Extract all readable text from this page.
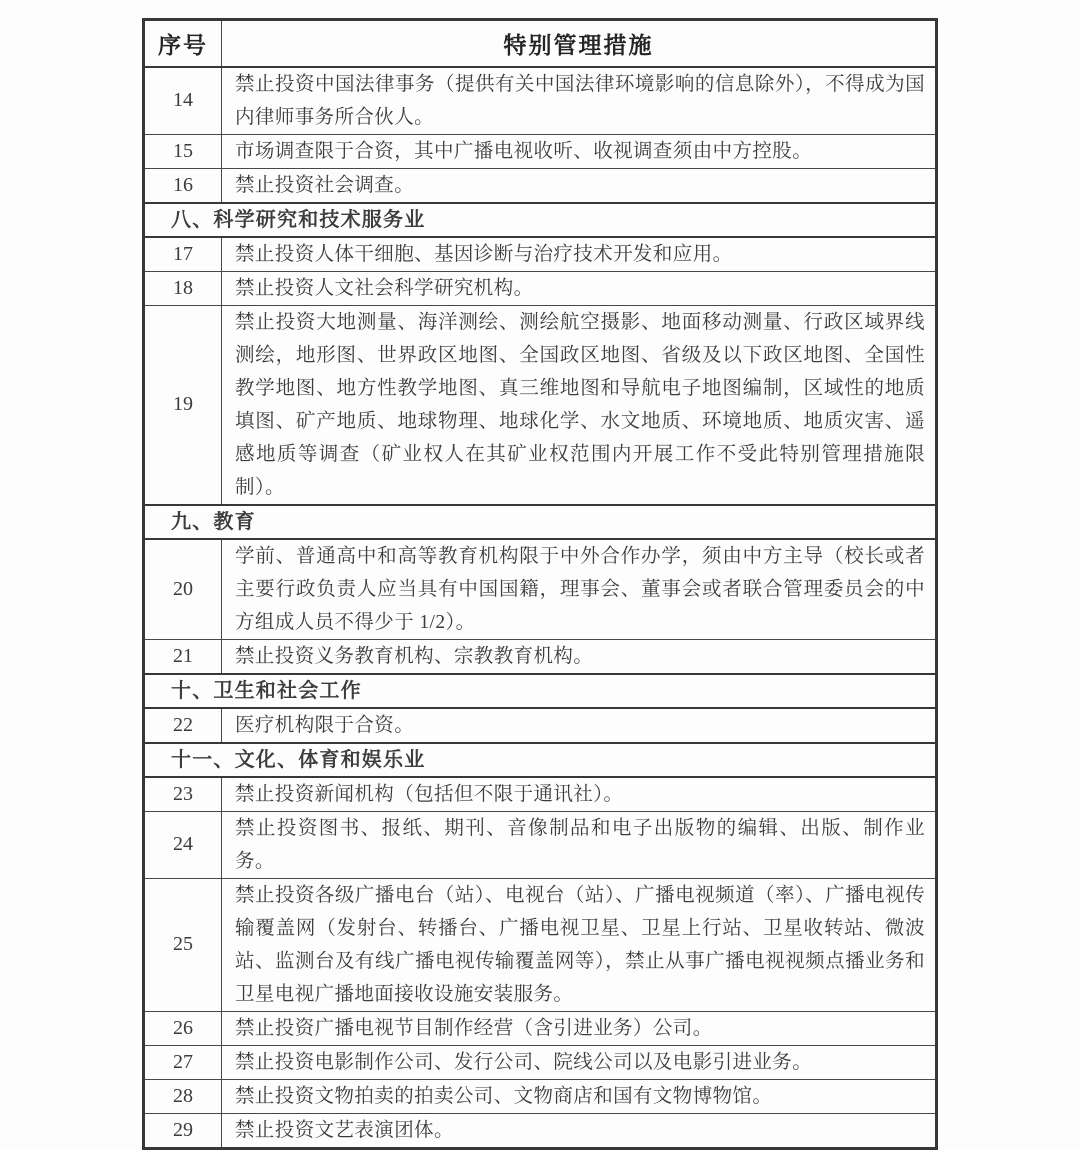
序号	特别管理措施
14	禁止投资中国法律事务（提供有关中国法律环境影响的信息除外），不得成为国内律师事务所合伙人。
15	市场调查限于合资，其中广播电视收听、收视调查须由中方控股。
16	禁止投资社会调查。
八、科学研究和技术服务业	
17	禁止投资人体干细胞、基因诊断与治疗技术开发和应用。
18	禁止投资人文社会科学研究机构。
19	禁止投资大地测量、海洋测绘、测绘航空摄影、地面移动测量、行政区域界线测绘，地形图、世界政区地图、全国政区地图、省级及以下政区地图、全国性教学地图、地方性教学地图、真三维地图和导航电子地图编制，区域性的地质填图、矿产地质、地球物理、地球化学、水文地质、环境地质、地质灾害、遥感地质等调查（矿业权人在其矿业权范围内开展工作不受此特别管理措施限制）。
九、教育	
20	学前、普通高中和高等教育机构限于中外合作办学，须由中方主导（校长或者主要行政负责人应当具有中国国籍，理事会、董事会或者联合管理委员会的中方组成人员不得少于 1/2）。
21	禁止投资义务教育机构、宗教教育机构。
十、卫生和社会工作	
22	医疗机构限于合资。
十一、文化、体育和娱乐业	
23	禁止投资新闻机构（包括但不限于通讯社）。
24	禁止投资图书、报纸、期刊、音像制品和电子出版物的编辑、出版、制作业务。
25	禁止投资各级广播电台（站）、电视台（站）、广播电视频道（率）、广播电视传输覆盖网（发射台、转播台、广播电视卫星、卫星上行站、卫星收转站、微波站、监测台及有线广播电视传输覆盖网等），禁止从事广播电视视频点播业务和卫星电视广播地面接收设施安装服务。
26	禁止投资广播电视节目制作经营（含引进业务）公司。
27	禁止投资电影制作公司、发行公司、院线公司以及电影引进业务。
28	禁止投资文物拍卖的拍卖公司、文物商店和国有文物博物馆。
29	禁止投资文艺表演团体。
